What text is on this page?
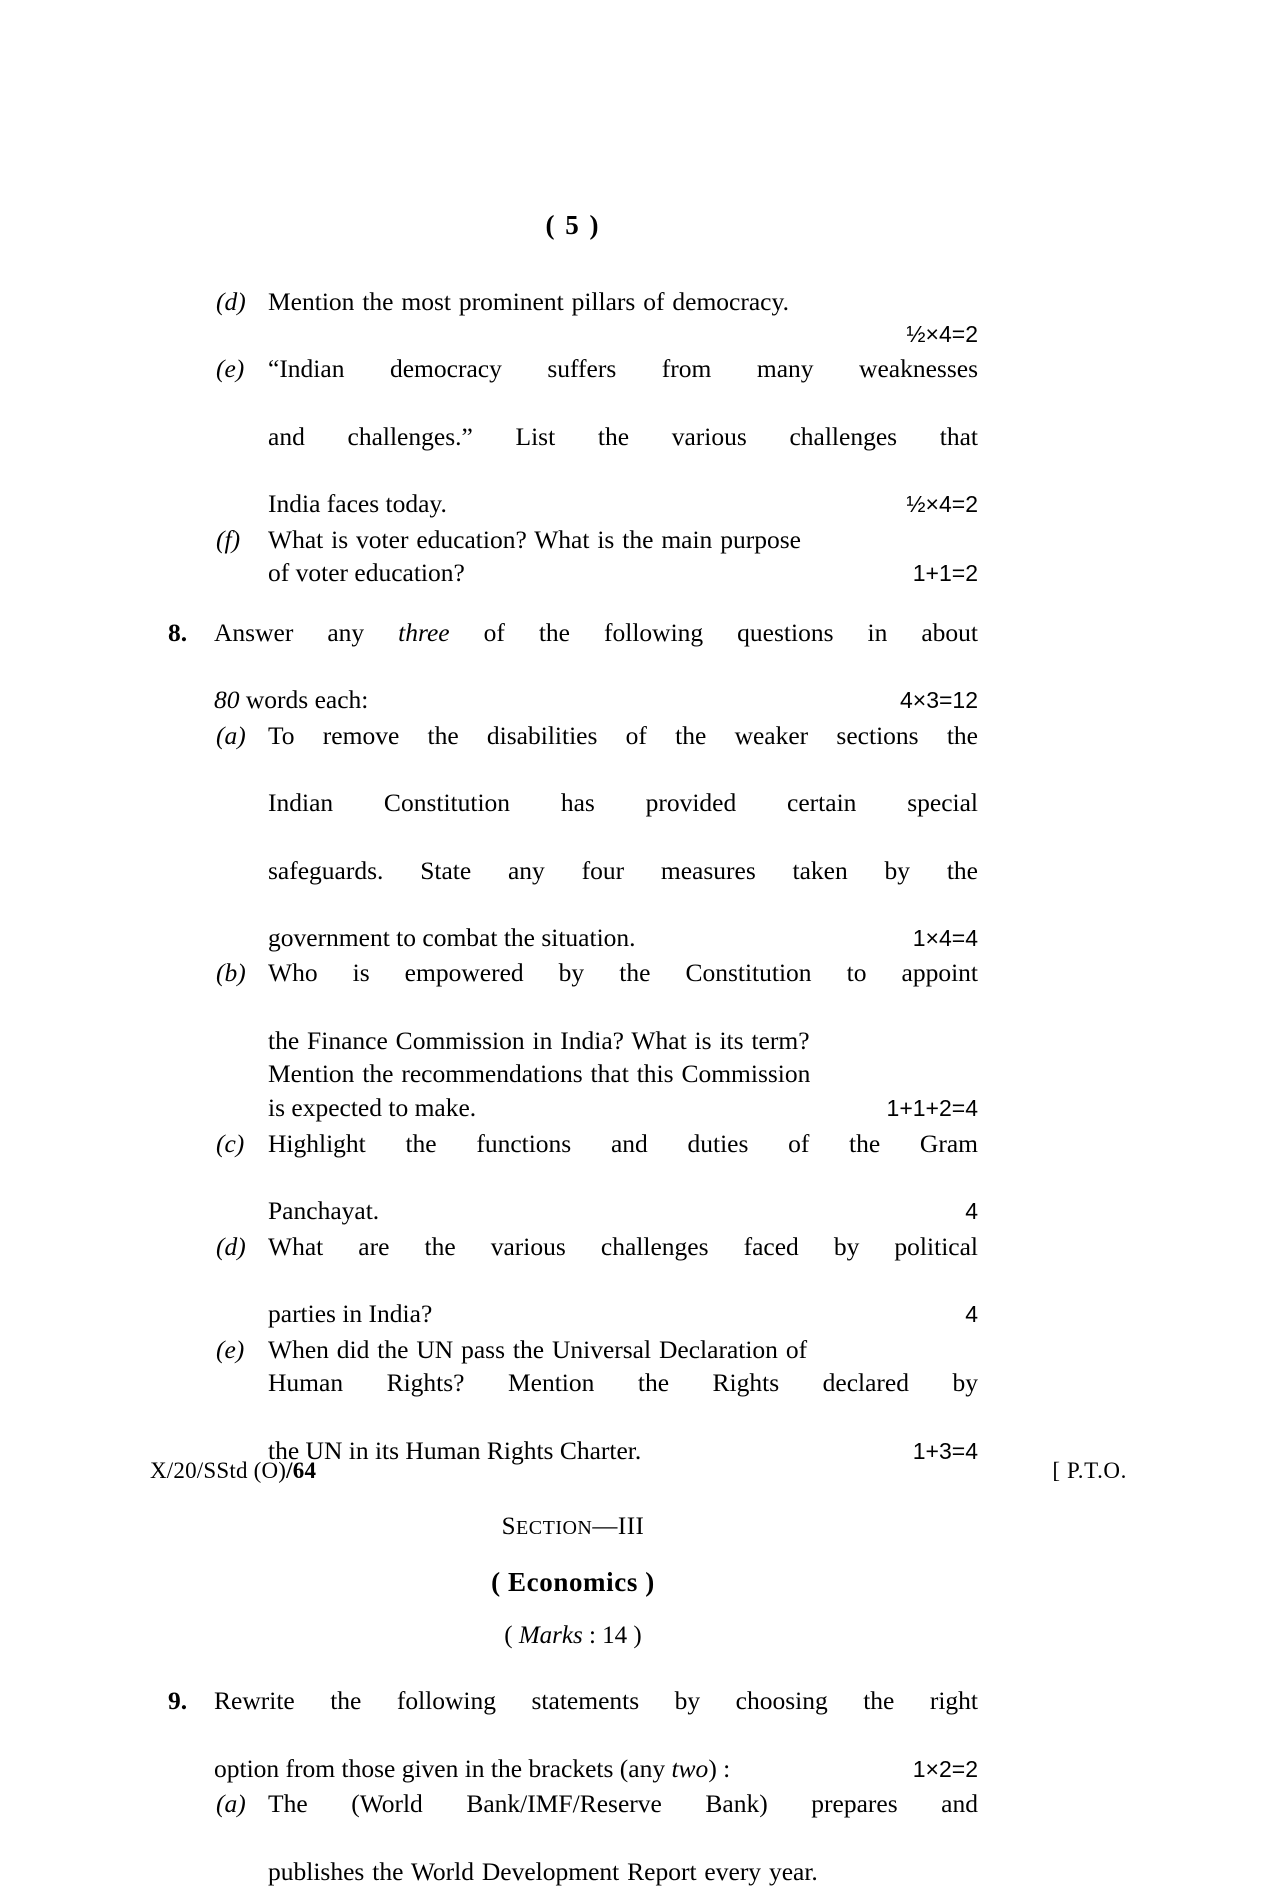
( 5 )
(d) Mention the most prominent pillars of democracy.
½×4=2
(e) “Indian democracy suffers from many weaknesses
and challenges.” List the various challenges that
India faces today.	½×4=2
(f)	What is voter education? What is the main purpose
of voter education?	1+1=2
8.	Answer any three of the following questions in about
80 words each:	4×3=12
(a) To remove the disabilities of the weaker sections the
Indian Constitution has provided certain special
safeguards. State any four measures taken by the
government to combat the situation.	1×4=4
(b) Who is empowered by the Constitution to appoint
the Finance Commission in India? What is its term?
Mention the recommendations that this Commission
is expected to make.	1+1+2=4
(c) Highlight the functions and duties of the Gram
Panchayat.	4
(d) What are the various challenges faced by political
parties in India?	4
(e) When did the UN pass the Universal Declaration of
Human Rights? Mention the Rights declared by
the UN in its Human Rights Charter.	1+3=4
SECTION—III
( Economics )
( Marks : 14 )
9.	Rewrite the following statements by choosing the right
option from those given in the brackets (any two) :	1×2=2
(a) The (World Bank/IMF/Reserve Bank) prepares and
publishes the World Development Report every year.
X/20/SStd (O)/64	[ P.T.O.
